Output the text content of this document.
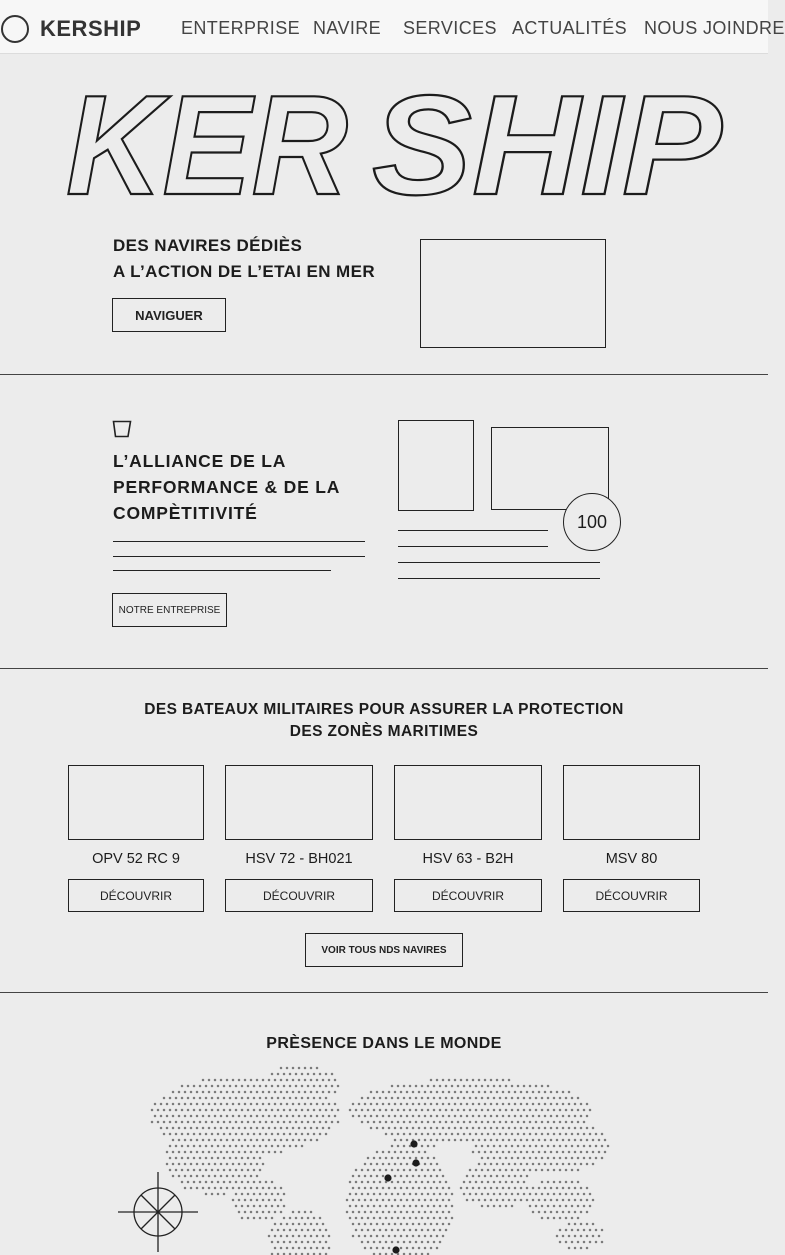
KERSHIP ENTERPRISE NAVIRE SERVICES ACTUALITÉS NOUS JOINDRE
KER SHIP
DES NAVIRES DÉDIÈS
A L’ACTION DE L’ETAI EN MER
NAVIGUER
L’ALLIANCE DE LA
PERFORMANCE & DE LA
COMPÈTITIVITÉ
NOTRE ENTREPRISE
100
DES BATEAUX MILITAIRES POUR ASSURER LA PROTECTION
DES ZONÈS MARITIMES
OPV 52 RC 9	HSV 72 - BH021	HSV 63 - B2H	MSV 80
DÉCOUVRIR	DÉCOUVRIR	DÉCOUVRIR	DÉCOUVRIR
VOIR TOUS NDS NAVIRES
PRÈSENCE DANS LE MONDE
